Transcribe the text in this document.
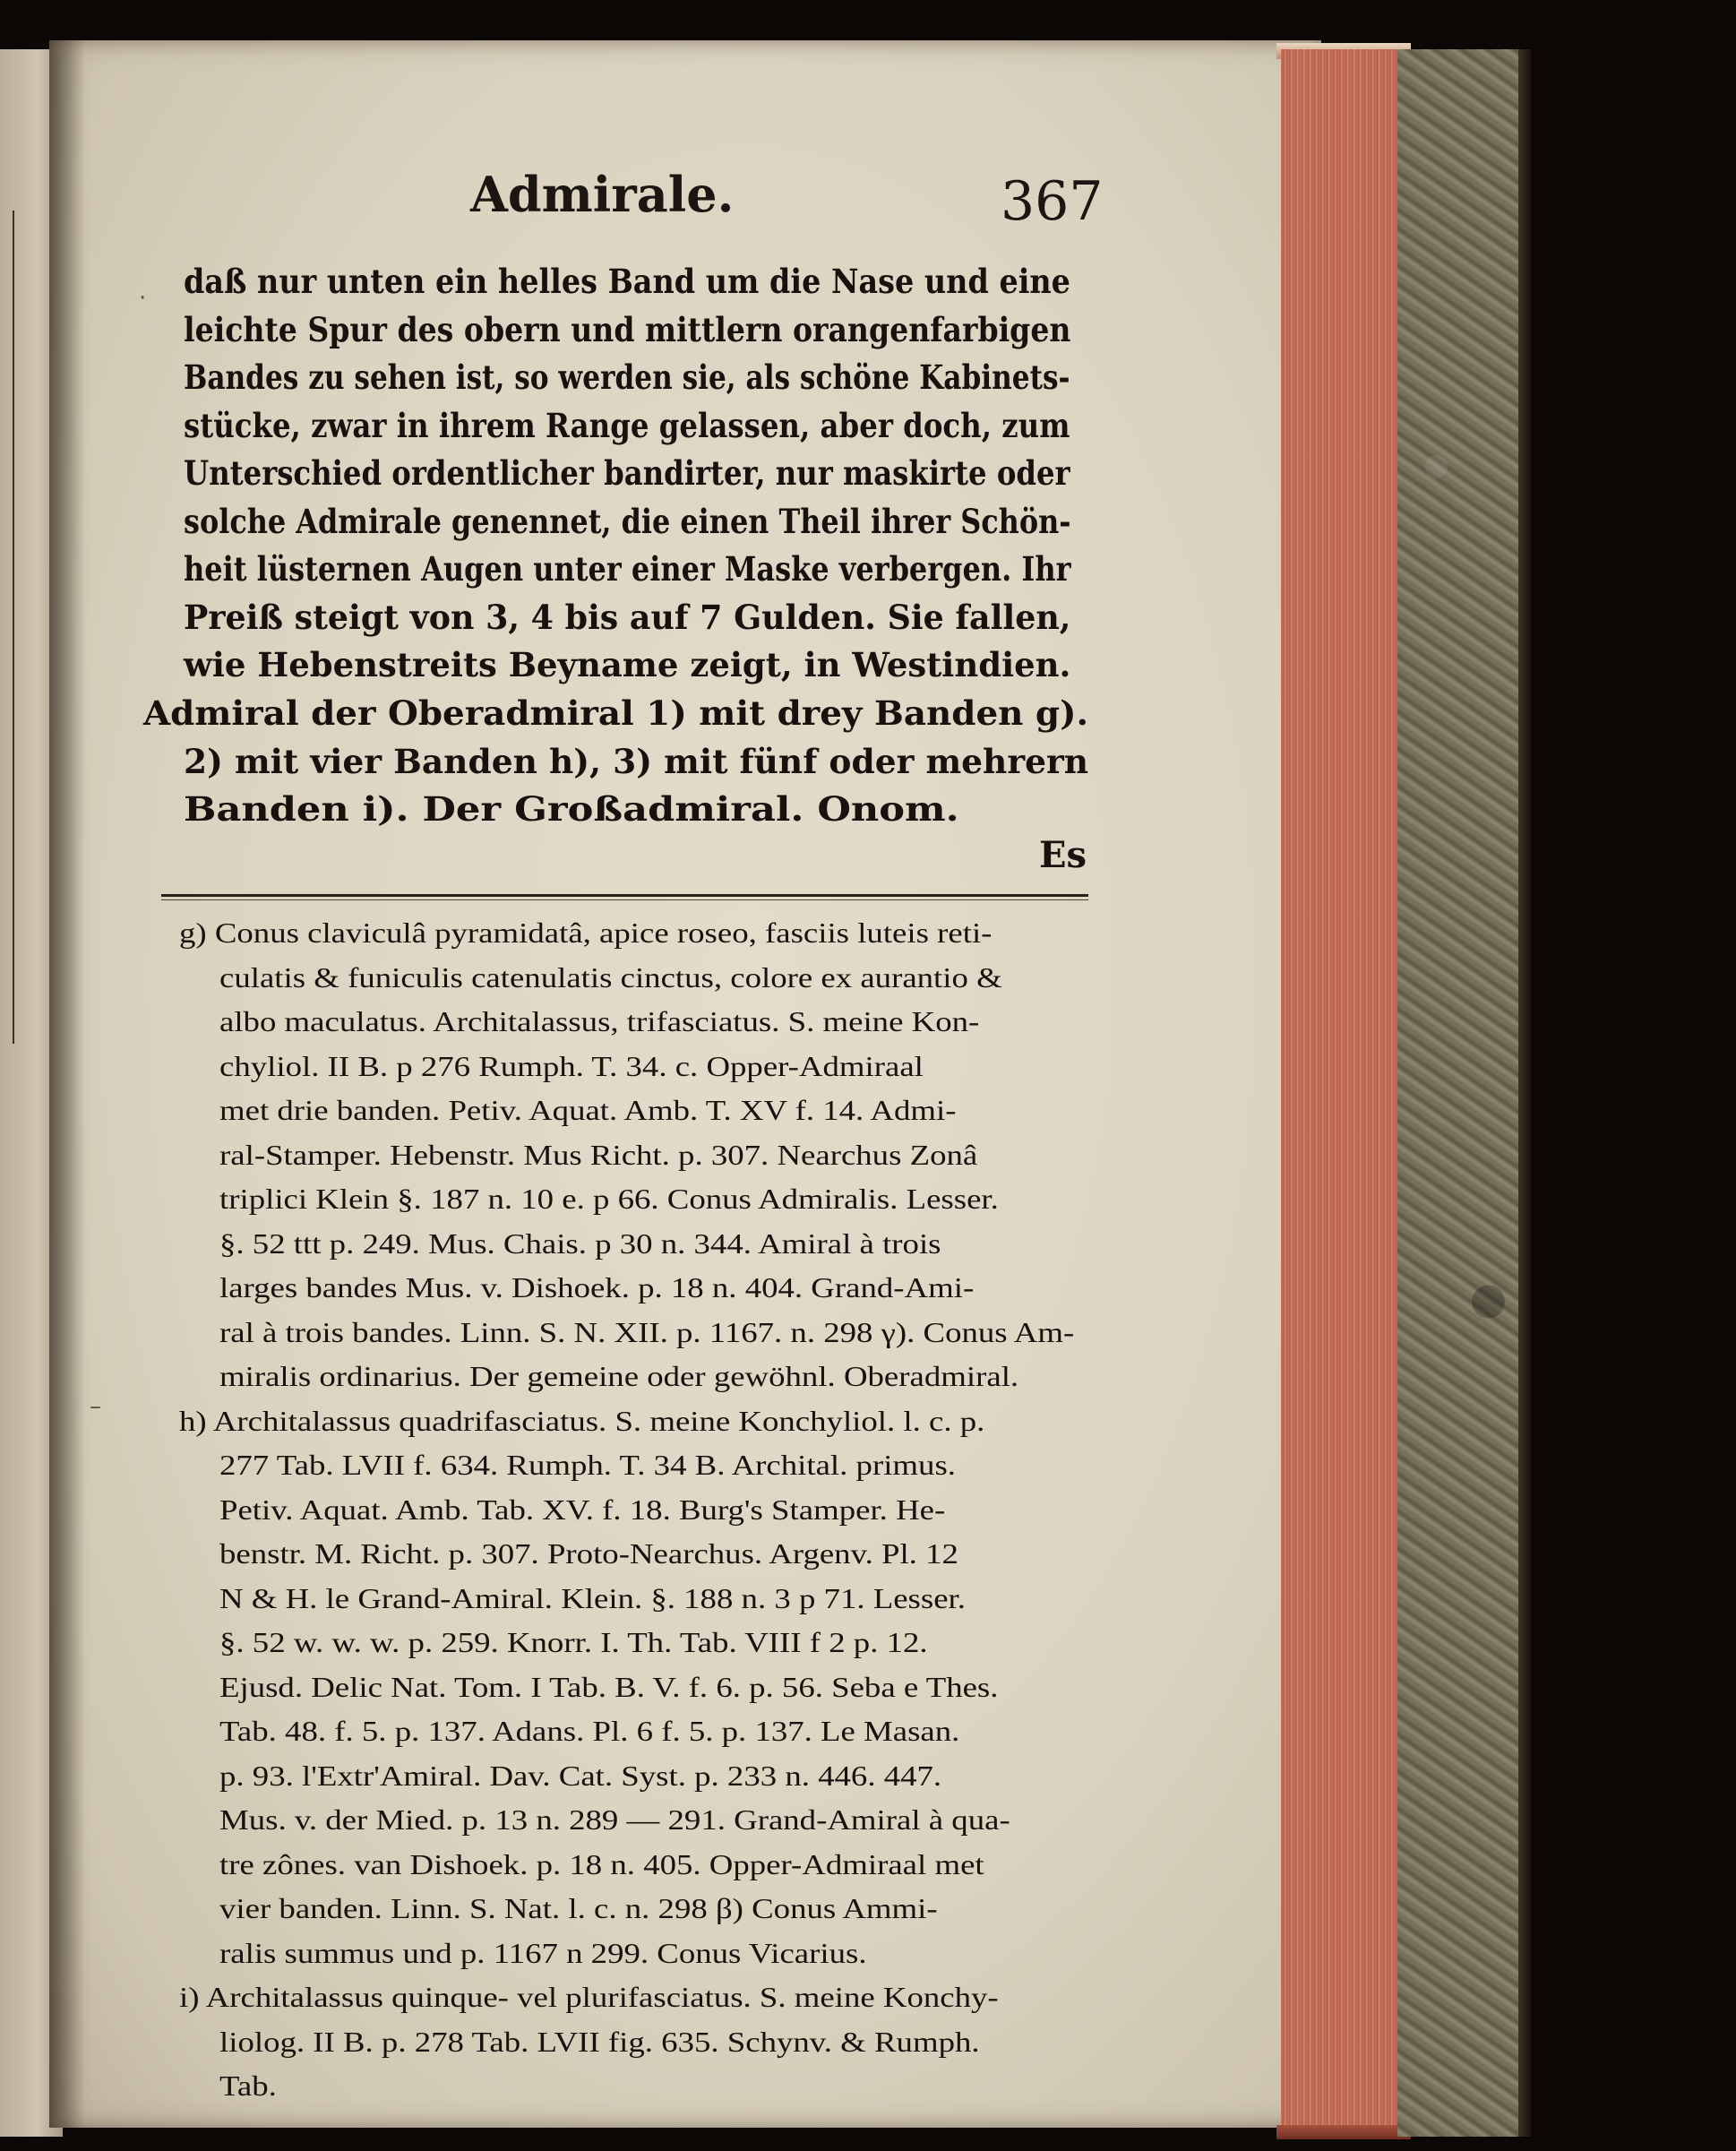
Admirale.	367
daß nur unten ein helles Band um die Nase und eine
leichte Spur des obern und mittlern orangenfarbigen
Bandes zu sehen ist, so werden sie, als schöne Kabinets-
stücke, zwar in ihrem Range gelassen, aber doch, zum
Unterschied ordentlicher bandirter, nur maskirte oder
solche Admirale genennet, die einen Theil ihrer Schön-
heit lüsternen Augen unter einer Maske verbergen. Ihr
Preiß steigt von 3, 4 bis auf 7 Gulden. Sie fallen,
wie Hebenstreits Beyname zeigt, in Westindien.
Admiral der Oberadmiral 1) mit drey Banden g).
2) mit vier Banden h), 3) mit fünf oder mehrern
Banden i). Der Großadmiral. Onom.
Es
g) Conus claviculâ pyramidatâ, apice roseo, fasciis luteis reti-
culatis & funiculis catenulatis cinctus, colore ex aurantio &
albo maculatus. Architalassus, trifasciatus. S. meine Kon-
chyliol. II B. p 276 Rumph. T. 34. c. Opper-Admiraal
met drie banden. Petiv. Aquat. Amb. T. XV f. 14. Admi-
ral-Stamper. Hebenstr. Mus Richt. p. 307. Nearchus Zonâ
triplici Klein §. 187 n. 10 e. p 66. Conus Admiralis. Lesser.
§. 52 ttt p. 249. Mus. Chais. p 30 n. 344. Amiral à trois
larges bandes Mus. v. Dishoek. p. 18 n. 404. Grand-Ami-
ral à trois bandes. Linn. S. N. XII. p. 1167. n. 298 γ). Conus Am-
miralis ordinarius. Der gemeine oder gewöhnl. Oberadmiral.
h) Architalassus quadrifasciatus. S. meine Konchyliol. l. c. p.
277 Tab. LVII f. 634. Rumph. T. 34 B. Archital. primus.
Petiv. Aquat. Amb. Tab. XV. f. 18. Burg's Stamper. He-
benstr. M. Richt. p. 307. Proto-Nearchus. Argenv. Pl. 12
N & H. le Grand-Amiral. Klein. §. 188 n. 3 p 71. Lesser.
§. 52 w. w. w. p. 259. Knorr. I. Th. Tab. VIII f 2 p. 12.
Ejusd. Delic Nat. Tom. I Tab. B. V. f. 6. p. 56. Seba e Thes.
Tab. 48. f. 5. p. 137. Adans. Pl. 6 f. 5. p. 137. Le Masan.
p. 93. l'Extr'Amiral. Dav. Cat. Syst. p. 233 n. 446. 447.
Mus. v. der Mied. p. 13 n. 289 — 291. Grand-Amiral à qua-
tre zônes. van Dishoek. p. 18 n. 405. Opper-Admiraal met
vier banden. Linn. S. Nat. l. c. n. 298 β) Conus Ammi-
ralis summus und p. 1167 n 299. Conus Vicarius.
i) Architalassus quinque- vel plurifasciatus. S. meine Konchy-
liolog. II B. p. 278 Tab. LVII fig. 635. Schynv. & Rumph.
Tab.
·
–
